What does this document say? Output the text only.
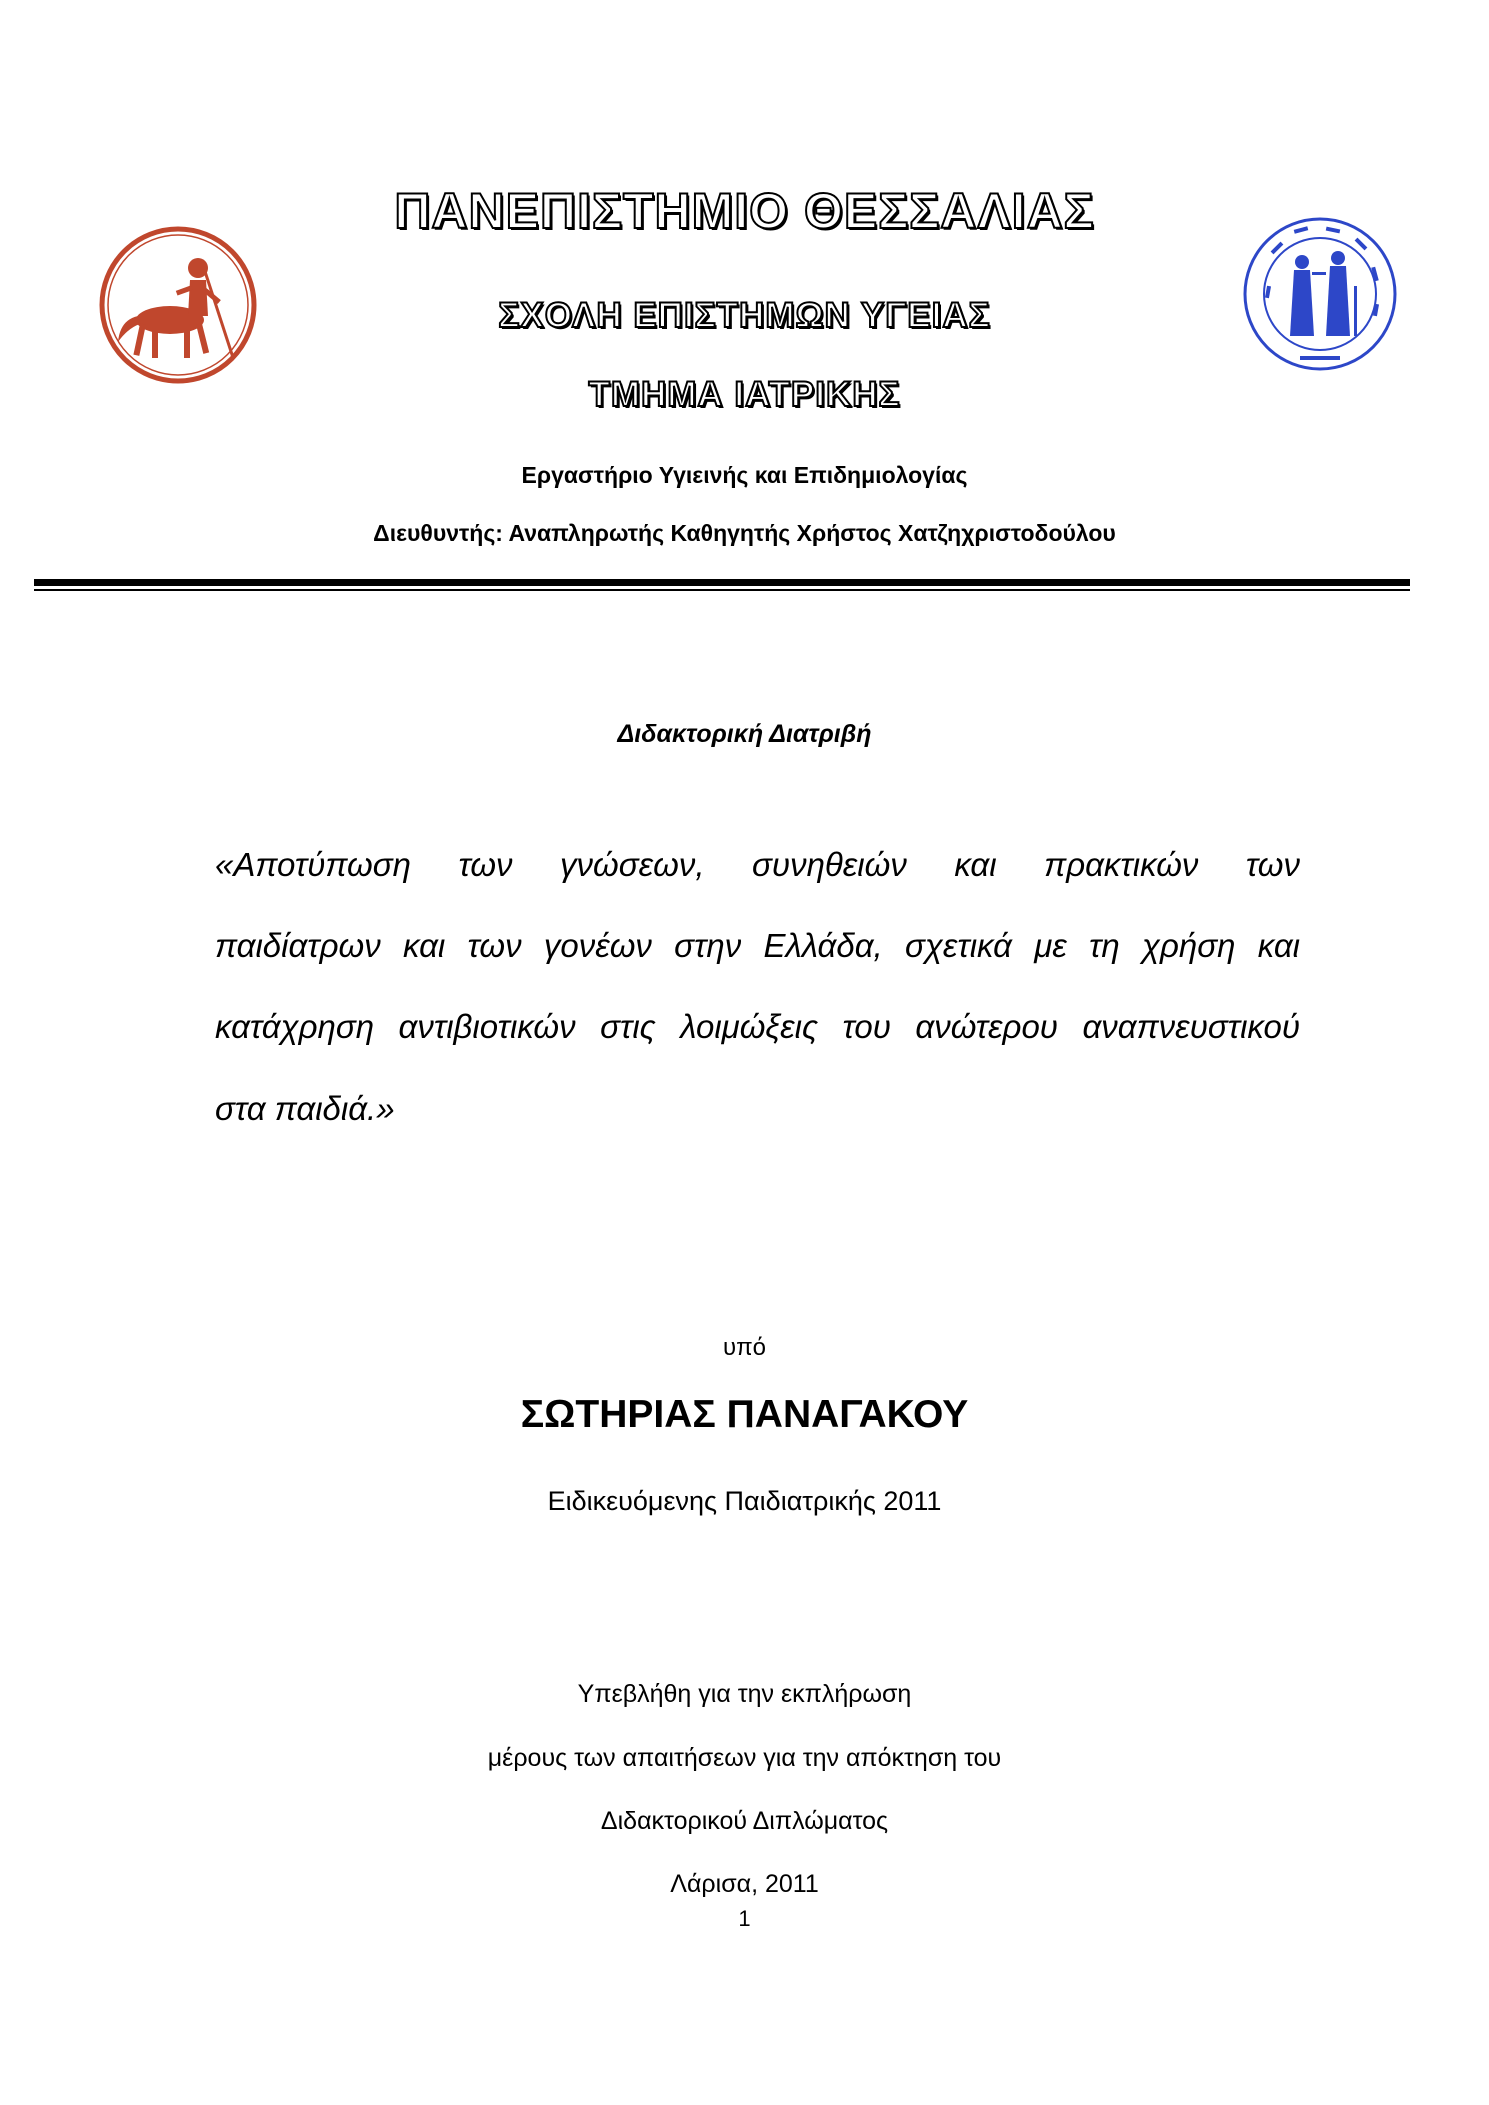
ΠΑΝΕΠΙΣΤΗΜΙΟ ΘΕΣΣΑΛΙΑΣ
ΣΧΟΛΗ ΕΠΙΣΤΗΜΩΝ ΥΓΕΙΑΣ
ΤΜΗΜΑ ΙΑΤΡΙΚΗΣ
Εργαστήριο Υγιεινής και Επιδημιολογίας
Διευθυντής: Αναπληρωτής Καθηγητής Χρήστος Χατζηχριστοδούλου
Διδακτορική Διατριβή
«Αποτύπωση των γνώσεων, συνηθειών και πρακτικών των
παιδίατρων και των γονέων στην Ελλάδα, σχετικά με τη χρήση και
κατάχρηση αντιβιοτικών στις λοιμώξεις του ανώτερου αναπνευστικού
στα παιδιά.»
υπό
ΣΩΤΗΡΙΑΣ ΠΑΝΑΓΑΚΟΥ
Ειδικευόμενης Παιδιατρικής 2011
Υπεβλήθη για την εκπλήρωση
μέρους των απαιτήσεων για την απόκτηση του
Διδακτορικού Διπλώματος
Λάρισα, 2011
1
